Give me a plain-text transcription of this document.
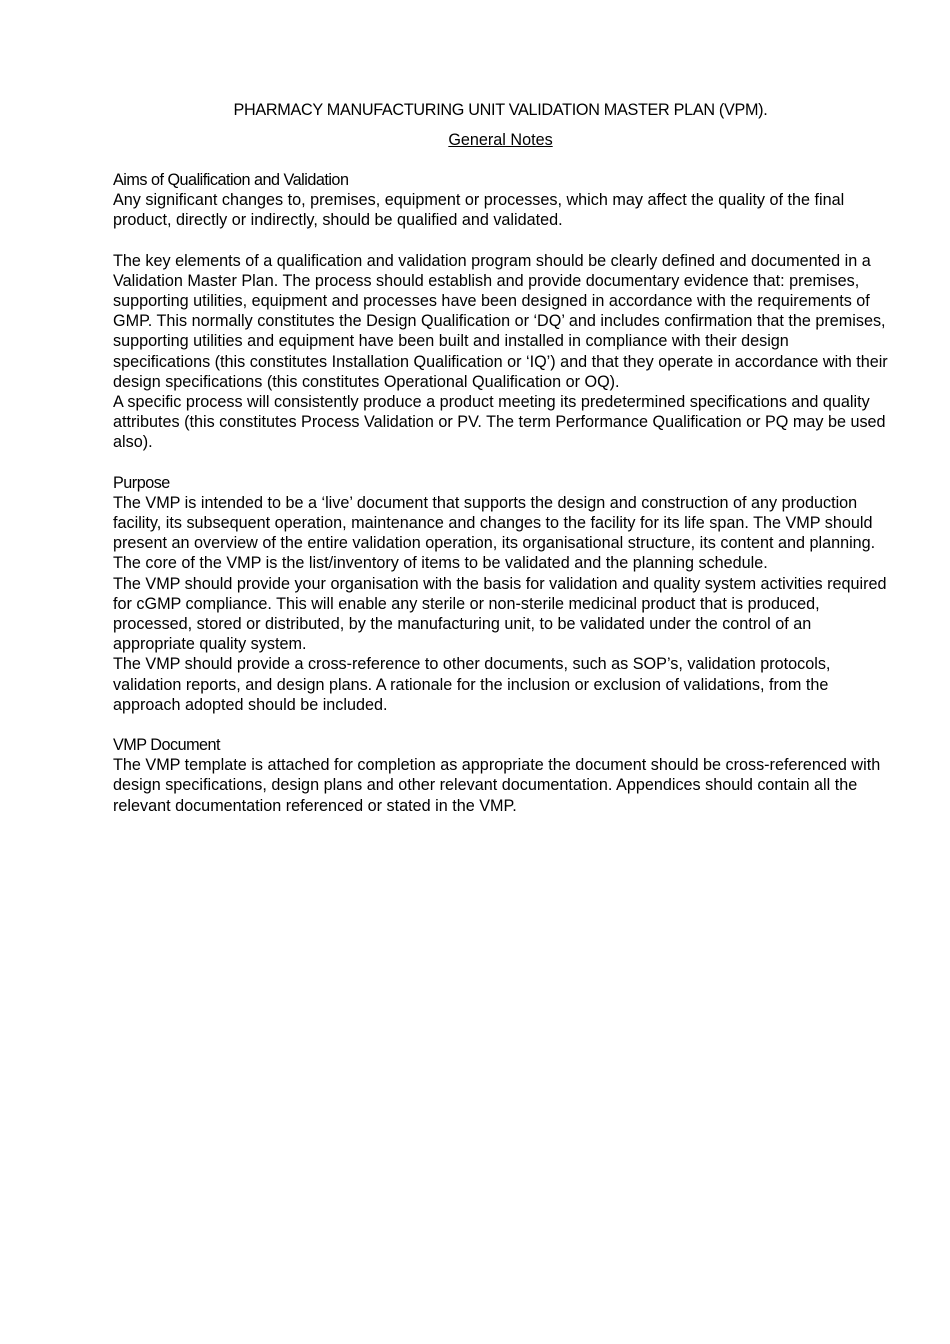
PHARMACY MANUFACTURING UNIT VALIDATION MASTER PLAN (VPM).

General Notes

Aims of Qualification and Validation

Any significant changes to, premises, equipment or processes, which may affect the quality of the final product, directly or indirectly, should be qualified and validated.

The key elements of a qualification and validation program should be clearly defined and documented in a Validation Master Plan. The process should establish and provide documentary evidence that: premises, supporting utilities, equipment and processes have been designed in accordance with the requirements of GMP. This normally constitutes the Design Qualification or ‘DQ’ and includes confirmation that the premises, supporting utilities and equipment have been built and installed in compliance with their design specifications (this constitutes Installation Qualification or ‘IQ’) and that they operate in accordance with their design specifications (this constitutes Operational Qualification or OQ).

A specific process will consistently produce a product meeting its predetermined specifications and quality attributes (this constitutes Process Validation or PV. The term Performance Qualification or PQ may be used also).

Purpose

The VMP is intended to be a ‘live’ document that supports the design and construction of any production facility, its subsequent operation, maintenance and changes to the facility for its life span. The VMP should present an overview of the entire validation operation, its organisational structure, its content and planning. The core of the VMP is the list/inventory of items to be validated and the planning schedule.

The VMP should provide your organisation with the basis for validation and quality system activities required for cGMP compliance. This will enable any sterile or non-sterile medicinal product that is produced, processed, stored or distributed, by the manufacturing unit, to be validated under the control of an appropriate quality system.

The VMP should provide a cross-reference to other documents, such as SOP’s, validation protocols, validation reports, and design plans. A rationale for the inclusion or exclusion of validations, from the approach adopted should be included.

VMP Document

The VMP template is attached for completion as appropriate the document should be cross-referenced with design specifications, design plans and other relevant documentation. Appendices should contain all the relevant documentation referenced or stated in the VMP.
